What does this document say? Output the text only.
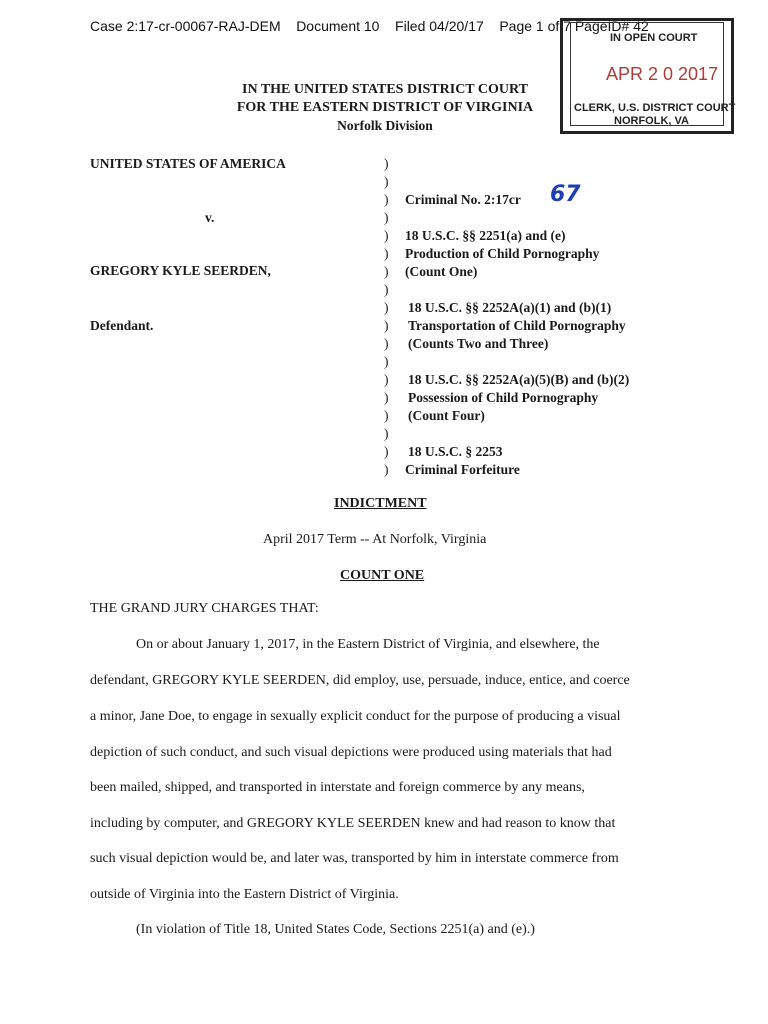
Case 2:17-cr-00067-RAJ-DEM Document 10 Filed 04/20/17 Page 1 of 7 PageID# 42
IN OPEN COURT
APR 2 0 2017
CLERK, U.S. DISTRICT COURT
NORFOLK, VA
IN THE UNITED STATES DISTRICT COURT
FOR THE EASTERN DISTRICT OF VIRGINIA
Norfolk Division
UNITED STATES OF AMERICA
v.
GREGORY KYLE SEERDEN,
Defendant.
)
)
)
)
)
)
)
)
)
)
)
)
)
)
)
)
)
)
Criminal No. 2:17cr 67
18 U.S.C. §§ 2251(a) and (e)
Production of Child Pornography
(Count One)
18 U.S.C. §§ 2252A(a)(1) and (b)(1)
Transportation of Child Pornography
(Counts Two and Three)
18 U.S.C. §§ 2252A(a)(5)(B) and (b)(2)
Possession of Child Pornography
(Count Four)
18 U.S.C. § 2253
Criminal Forfeiture
INDICTMENT
April 2017 Term -- At Norfolk, Virginia
COUNT ONE
THE GRAND JURY CHARGES THAT:
On or about January 1, 2017, in the Eastern District of Virginia, and elsewhere, the
defendant, GREGORY KYLE SEERDEN, did employ, use, persuade, induce, entice, and coerce
a minor, Jane Doe, to engage in sexually explicit conduct for the purpose of producing a visual
depiction of such conduct, and such visual depictions were produced using materials that had
been mailed, shipped, and transported in interstate and foreign commerce by any means,
including by computer, and GREGORY KYLE SEERDEN knew and had reason to know that
such visual depiction would be, and later was, transported by him in interstate commerce from
outside of Virginia into the Eastern District of Virginia.
(In violation of Title 18, United States Code, Sections 2251(a) and (e).)
